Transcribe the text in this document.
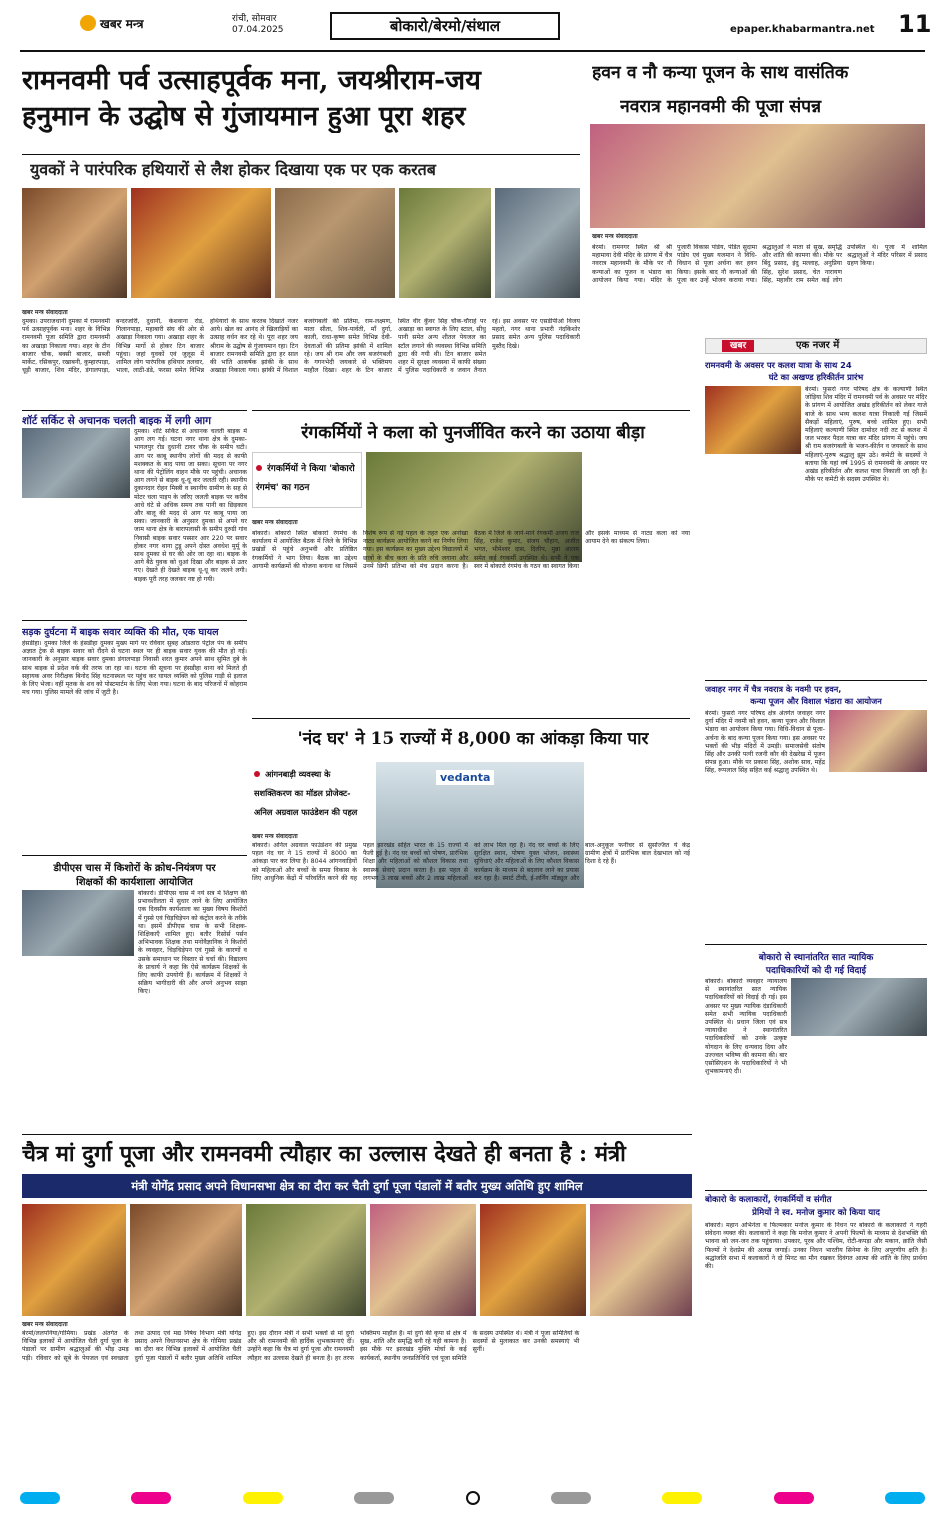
खबर मन्त्र	रांची, सोमवार
07.04.2025	बोकारो/बेरमो/संथाल	epaper.khabarmantra.net 11
रामनवमी पर्व उत्साहपूर्वक मना, जयश्रीराम-जय
हनुमान के उद्घोष से गुंजायमान हुआ पूरा शहर
युवकों ने पारंपरिक हथियारों से लैश होकर दिखाया एक पर एक करतब
खबर मन्त्र संवाददाता
दुमका। उपराजधानी दुमका में रामनवमी पर्व उत्साहपूर्वक मना। शहर के विभिन्न रामनवमी पूजा समिति द्वारा रामनवमी का अखाड़ा निकाला गया। शहर के टीन बाजार चौक, बक्सी बाजार, सब्जी मार्केट, रसिकपुर, रखाबनी, कुम्हारपाड़ा, चूड़ी बाजार, शिव मंदिर, डंगालपाड़ा, बन्दरजोरी, दुधानी, केशवाना रोड, गिलानपाड़ा, महाबारी संघ की ओर से अखाड़ा निकाला गया। अखाड़ा शहर के विभिन्न मार्गो से होकर टिन बाजार पहुंचा। जहां युवकों एवं जुलूस में शामिल लोग पारंपरिक हथियार तलवार, भाला, लाठी-डंडे, फरसा समेत विभिन्न हथियारों के साथ करतब दिखाते नजर आये। खेल का आनंद ले खिलाड़ियों का उत्साह वर्धन कर रहे थे। पूरा शहर जय श्रीराम के उद्घोष से गुंजायमान रहा। टिन बाजार रामनवमी समिति द्वारा हर साल की भांति आकर्षक झांकी के साथ अखाड़ा निकाला गया। झांकी में विशाल बजरंगबली की प्रतिमा, राम-लक्ष्मण, माता सीता, शिव-पार्वती, माँ दुर्गा, काली, राधा-कृष्ण समेत विभिन्न देवी-देवताओं की प्रतिमा झांकी में शामिल रहे। जय श्री राम और जय बजरंगबली के गगनभेदी जयकारे से भक्तिमय माहौल दिखा। शहर के टिन बाजार स्थित वीर कुँवर सिंह चौक-चौराहे पर अखाड़ा का स्वागत के लिए स्टाल, सीधु पानी समेत अन्य शीतल पेयजल का स्टॉल लगाने की व्यवस्था विभिन्न समिति द्वारा की गयी थी। टिन बाजार समेत शहर में सुरक्षा व्यवस्था में काफी संख्या में पुलिस पदाधिकारी व जवान तैनात रहे। इस अवसर पर एसडीपीओ विजय महतो, नगर थाना प्रभारी नंदकिशोर प्रसाद समेत अन्य पुलिस पदाधिकारी मुस्तैद दिखे।
शॉर्ट सर्किट से अचानक चलती बाइक में लगी आग
दुमका। शॉर्ट सर्किट से अचानक चलती बाइक में आग लग गई। घटना नगर थाना क्षेत्र के दुमका-भागलपुर रोड दुधानी टावर चौक के समीप घटी। आग पर काबू स्थानीय लोगों की मदद से काफी मशक्कत के बाद पाया जा सका। सूचना पर नगर थाना की पेट्रोलिंग वाहन मौके पर पहुंची। अचानक आग लगने से बाइक धू-धू कर जलती रही। स्थानीय दुकानदार रोहन मिस्त्री व स्थानीय ग्रामीण के सह से मोटर चला पाइप के जरिए जलती बाइक पर करीब आधे घंटे से अधिक समय तक पानी का छिड़काव और बालू की मदद से आग पर काबू पाया जा सका। जानकारी के अनुसार दुमका से अपने घर जाम थाना क्षेत्र के बारापलासी के समीप दुरुग्री गांव निवासी बाइक सवार पस्सार आर 220 पर सवार होकर नगर थाना टुडू अपने दोस्त अवधेश मुर्मू के साथ दुमका से घर की ओर जा रहा था। बाइक के आगे बैठे युवक को धुआं दिखा और बाइक से उतर गए। देखते ही देखते बाइक धू-धू कर जलने लगी। बाइक पूरी तरह जलकर नष्ट हो गयी।
सड़क दुर्घटना में बाइक सवार व्यक्ति की मौत, एक घायल
हंसडीहा। दुमका जिले के हंसडीहा दुमका मुख्य मार्ग पर रविवार सुबह ओडतारा पेट्रोल पंप के समीप अज्ञात ट्रेक से बाइक सवार को रौंदने से घटना स्थल पर ही बाइक सवार युवक की मौत हो गई। जानकारी के अनुसार बाइक सवार दुमका डंगालपाड़ा निवासी शरत कुमार अपने साथ सुमित दुबे के साथ बाइक से प्रदेश वर्क की तरफ जा रहा था। घटना की सूचना पर हंसडीहा थाना को मिलते ही सहायक अवर निरीक्षक बिनोद सिंह घटनास्थल पर पहुंच कर घायल व्यक्ति को पुलिस गाड़ी से इलाज के लिए भेजा। वहीं मृतक के शव को पोस्टमार्टम के लिए भेजा गया। घटना के बाद परिजनों में कोहराम मच गया। पुलिस मामले की जांच में जुटी है।
डीपीएस चास में किशोरों के क्रोध-नियंत्रण पर
शिक्षकों की कार्यशाला आयोजित
बोकारो। डीपीएस चास में नये सत्र में शिक्षण की प्रभावशीलता में सुधार लाने के लिए आयोजित एक दिवसीय कार्यशाला का मुख्य विषय किशोरों में गुस्से एवं चिड़चिड़ेपन को कंट्रोल करने के तरीके था। इसमें डीपीएस चास के सभी शिक्षक-शिक्षिकाएँ शामिल हुए। बतौर रिसोर्स पर्सन अभिभावक शिक्षक तथा मनोवैज्ञानिक ने किशोरों के व्यवहार, चिड़चिड़ेपन एवं गुस्से के कारणों व उसके समाधान पर विस्तार से चर्चा की। विद्यालय के प्राचार्य ने कहा कि ऐसे कार्यक्रम शिक्षकों के लिए काफी उपयोगी हैं। कार्यक्रम में शिक्षकों ने सक्रिय भागीदारी की और अपने अनुभव साझा किए।
रंगकर्मियों ने कला को पुनर्जीवित करने का उठाया बीड़ा
रंगकर्मियों ने किया 'बोकारो रंगमंच' का गठन
खबर मन्त्र संवाददाता
बोकारो। बोकारो स्थित बोकारो रंगमंच के कार्यालय में आयोजित बैठक में जिले के विभिन्न प्रखंडों से पहुंचे अनुभवी और प्रतिष्ठित रंगकर्मियों ने भाग लिया। बैठक का उद्देश्य आगामी कार्यक्रमों की योजना बनाना था जिसमें विशेष रूप से नई पहल के तहत एक अनोखा नाट्य कार्यक्रम आयोजित करने का निर्णय लिया गया। इस कार्यक्रम का मुख्य उद्देश्य विद्यालयों में छात्रों के बीच कला के प्रति रुचि जगाना और उनमें छिपी प्रतिभा को मंच प्रदान करना है। बैठक में जिले के जाने-माने रंगकर्मी अजय राज सिंह, राजेश कुमार, संजय चौहान, अजीत भगत, भीमेश्वर दास, दिलीप, मुन्ना आलम समेत कई रंगकर्मी उपस्थित थे। सभी ने एक स्वर में बोकारो रंगमंच के गठन का स्वागत किया और इसके माध्यम से नाट्य कला को नया आयाम देने का संकल्प लिया।
'नंद घर' ने 15 राज्यों में 8,000 का आंकड़ा किया पार
आंगनबाड़ी व्यवस्था के सशक्तिकरण का मॉडल प्रोजेक्ट- अनिल अग्रवाल फाउंडेशन की पहल
खबर मन्त्र संवाददाता
vedanta
बोकारो। अनिल अग्रवाल फाउंडेशन की प्रमुख पहल नंद घर ने 15 राज्यों में 8000 का आंकड़ा पार कर लिया है। 8044 आंगनवाड़ियों को महिलाओं और बच्चों के समग्र विकास के लिए आधुनिक केंद्रों में परिवर्तित करने की यह पहल झारखंड सहित भारत के 15 राज्यों में फैली हुई है। नंद घर बच्चों को पोषण, प्रारंभिक शिक्षा और महिलाओं को कौशल विकास तथा स्वास्थ्य सेवाएं प्रदान करता है। इस पहल से लगभग 3 लाख बच्चों और 2 लाख महिलाओं को लाभ मिल रहा है। नंद घर बच्चों के लिए सुरक्षित स्थान, पोषण युक्त भोजन, स्वास्थ्य सुविधाएं और महिलाओं के लिए कौशल विकास कार्यक्रम के माध्यम से बदलाव लाने का प्रयास कर रहा है। स्मार्ट टीवी, ई-लर्निंग मॉड्यूल और बाल-अनुकूल फर्नीचर से सुसज्जित ये केंद्र ग्रामीण क्षेत्रों में प्रारंभिक बाल देखभाल को नई दिशा दे रहे हैं।
हवन व नौ कन्या पूजन के साथ वासंतिक
नवरात्र महानवमी की पूजा संपन्न
खबर मन्त्र संवाददाता
बेरमो। रामनगर स्थित श्री श्री महामाया देवी मंदिर के प्रांगण में चैत्र नवरात्र महानवमी के मौके पर नौ कन्याओं का पूजन व भंडारा का आयोजन किया गया। मंदिर के पुजारी विकास पांडेय, पंडित सुदामा पांडेय एवं मुख्य यजमान ने विधि-विधान से पूजा अर्चना कर हवन किया। इसके बाद नौ कन्याओं की पूजा कर उन्हें भोजन कराया गया। श्रद्धालुओं ने माता से सुख, समृद्धि और शांति की कामना की। मौके पर बिंदु प्रसाद, इंदु मल्लाह, अनुप्रिया सिंह, सुरेश प्रसाद, चेत नारायण सिंह, महावीर राम समेत कई लोग उपस्थित थे। पूजा में शामिल श्रद्धालुओं ने मंदिर परिसर में प्रसाद ग्रहण किया।
खबर	एक नजर में
रामनवमी के अवसर पर कलश यात्रा के साथ 24
घंटे का अखण्ड हरिकीर्तन प्रारंभ
बेरमो। फुसरो नगर परिषद क्षेत्र के कल्याणी स्थित जोड़िया शिव मंदिर में रामनवमी पर्व के अवसर पर मंदिर के प्रांगण में आयोजित अखंड हरिकीर्तन को लेकर गाजे बाजे के साथ भव्य कलश यात्रा निकाली गई जिसमें सैकड़ों महिलाएं, पुरुष, बच्चे शामिल हुए। सभी महिलाएं कल्याणी स्थित दामोदर नदी तट से कलश में जल भरकर पैदल यात्रा कर मंदिर प्रांगण में पहुंचे। जय श्री राम बजरंगबली के भजन-कीर्तन व जयकारे के साथ महिलाएं-पुरुष श्रद्धालु झूम उठे। कमेटी के सदस्यों ने बताया कि यहां वर्ष 1995 से रामनवमी के अवसर पर अखंड हरिकीर्तन और कलश यात्रा निकाली जा रही है। मौके पर कमेटी के सदस्य उपस्थित थे।
जवाहर नगर में चैत्र नवरात्र के नवमी पर हवन,
कन्या पूजन और विशाल भंडारा का आयोजन
बेरमो। फुसरो नगर परिषद क्षेत्र अंतर्गत जवाहर नगर दुर्गा मंदिर में नवमी को हवन, कन्या पूजन और विशाल भंडारा का आयोजन किया गया। विधि-विधान से पूजा-अर्चना के बाद कन्या पूजन किया गया। इस अवसर पर भक्तों की भीड़ मंदिरों में उमड़ी। समाजसेवी संतोष सिंह और उनकी पत्नी रजनी कौर की देखरेख में पूजन संपन्न हुआ। मौके पर प्रकाश सिंह, अशोक साव, महेंद्र सिंह, रूपलाल सिंह सहित कई श्रद्धालु उपस्थित थे।
बोकारो से स्थानांतरित सात न्यायिक
पदाधिकारियों को दी गई विदाई
बोकारो। बोकारो व्यवहार न्यायालय से स्थानांतरित सात न्यायिक पदाधिकारियों को विदाई दी गई। इस अवसर पर मुख्य न्यायिक दंडाधिकारी समेत सभी न्यायिक पदाधिकारी उपस्थित थे। प्रधान जिला एवं सत्र न्यायाधीश ने स्थानांतरित पदाधिकारियों को उनके उत्कृष्ट योगदान के लिए धन्यवाद दिया और उज्ज्वल भविष्य की कामना की। बार एसोसिएशन के पदाधिकारियों ने भी शुभकामनाएं दी।
बोकारो के कलाकारों, रंगकर्मियों व संगीत
प्रेमियों ने स्व. मनोज कुमार को किया याद
बोकारो। महान अभिनेता व फिल्मकार मनोज कुमार के निधन पर बोकारो के कलाकारों ने गहरी संवेदना व्यक्त की। कलाकारों ने कहा कि मनोज कुमार ने अपनी फिल्मों के माध्यम से देशभक्ति की भावना को जन-जन तक पहुंचाया। उपकार, पूरब और पश्चिम, रोटी-कपड़ा और मकान, क्रांति जैसी फिल्मों ने देशप्रेम की अलख जगाई। उनका निधन भारतीय सिनेमा के लिए अपूरणीय क्षति है। श्रद्धांजलि सभा में कलाकारों ने दो मिनट का मौन रखकर दिवंगत आत्मा की शांति के लिए प्रार्थना की।
चैत्र मां दुर्गा पूजा और रामनवमी त्यौहार का उल्लास देखते ही बनता है : मंत्री
मंत्री योगेंद्र प्रसाद अपने विधानसभा क्षेत्र का दौरा कर चैती दुर्गा पूजा पंडालों में बतौर मुख्य अतिथि हुए शामिल
खबर मन्त्र संवाददाता
बेरमो/ललपनिया/गोमिया। प्रखंड अंतर्गत के विभिन्न इलाकों में आयोजित चैती दुर्गा पूजा के पंडालों पर ग्रामीण श्रद्धालुओं की भीड़ उमड़ पड़ी। रविवार को सूबे के पेयजल एवं स्वच्छता तथा उत्पाद एवं मद्य निषेध विभाग मंत्री योगेंद्र प्रसाद अपने विधानसभा क्षेत्र के गोमिया प्रखंड का दौरा कर विभिन्न इलाकों में आयोजित चैती दुर्गा पूजा पंडालों में बतौर मुख्य अतिथि शामिल हुए। इस दौरान मंत्री ने सभी भक्तों से मां दुर्गा और श्री रामनवमी की हार्दिक शुभकामनाएं दीं। उन्होंने कहा कि चैत्र मां दुर्गा पूजा और रामनवमी त्यौहार का उल्लास देखते ही बनता है। हर तरफ भक्तिमय माहौल है। मां दुर्गा की कृपा से क्षेत्र में सुख, शांति और समृद्धि बनी रहे यही कामना है। इस मौके पर झारखंड मुक्ति मोर्चा के कई कार्यकर्ता, स्थानीय जनप्रतिनिधि एवं पूजा समिति के सदस्य उपस्थित थे। मंत्री ने पूजा समितियों के सदस्यों से मुलाकात कर उनकी समस्याएं भी सुनीं।
